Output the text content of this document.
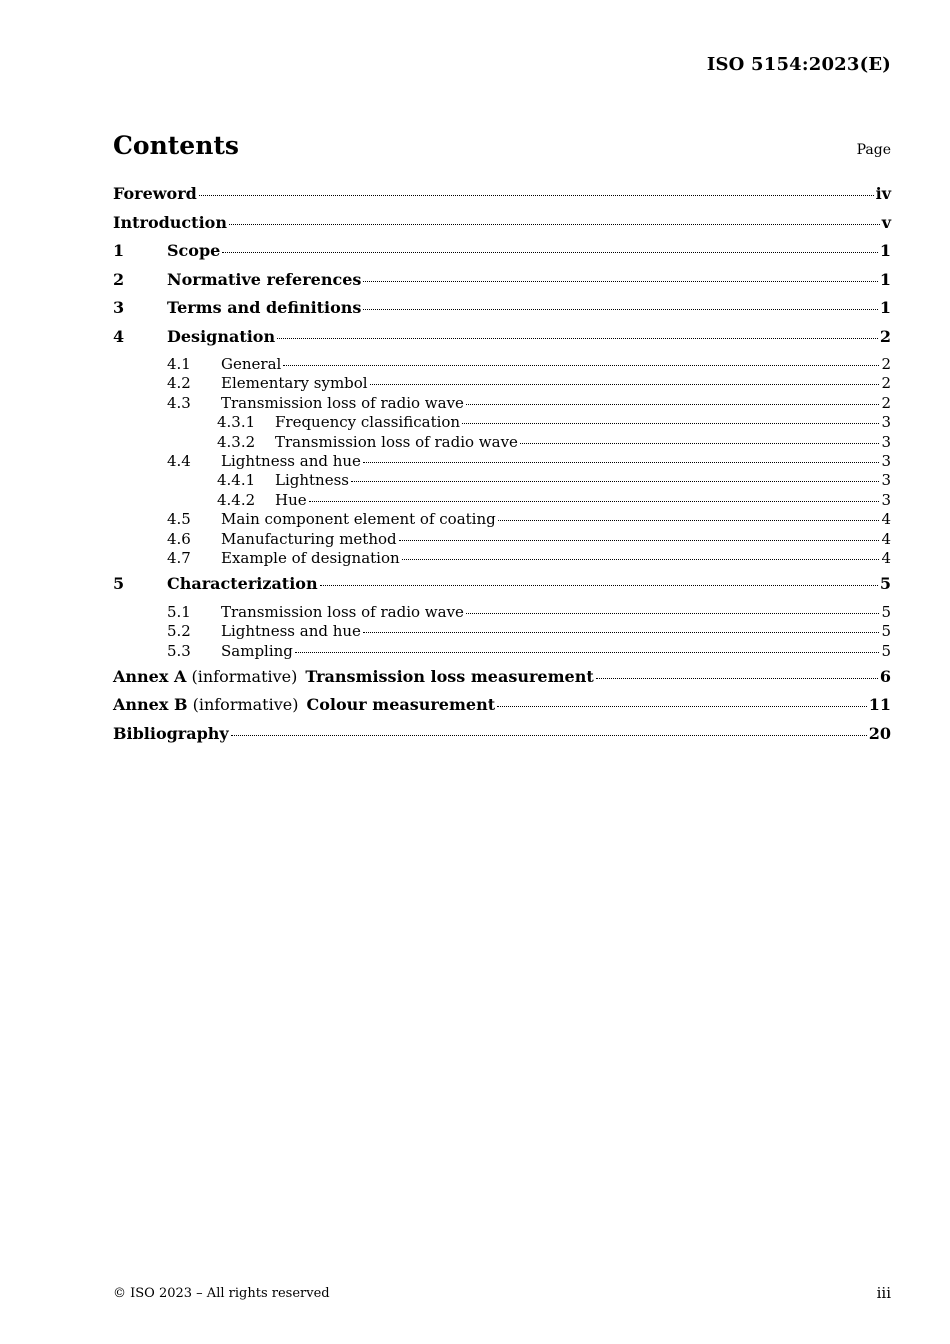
ISO 5154:2023(E)
Contents	Page
Foreword	iv
Introduction	v
1	Scope	1
2	Normative references	1
3	Terms and definitions	1
4	Designation	2
4.1	General	2
4.2	Elementary symbol	2
4.3	Transmission loss of radio wave	2
4.3.1	Frequency classification	3
4.3.2	Transmission loss of radio wave	3
4.4	Lightness and hue	3
4.4.1	Lightness	3
4.4.2	Hue	3
4.5	Main component element of coating	4
4.6	Manufacturing method	4
4.7	Example of designation	4
5	Characterization	5
5.1	Transmission loss of radio wave	5
5.2	Lightness and hue	5
5.3	Sampling	5
Annex A (informative) Transmission loss measurement	6
Annex B (informative) Colour measurement	11
Bibliography	20
© ISO 2023 – All rights reserved	iii
